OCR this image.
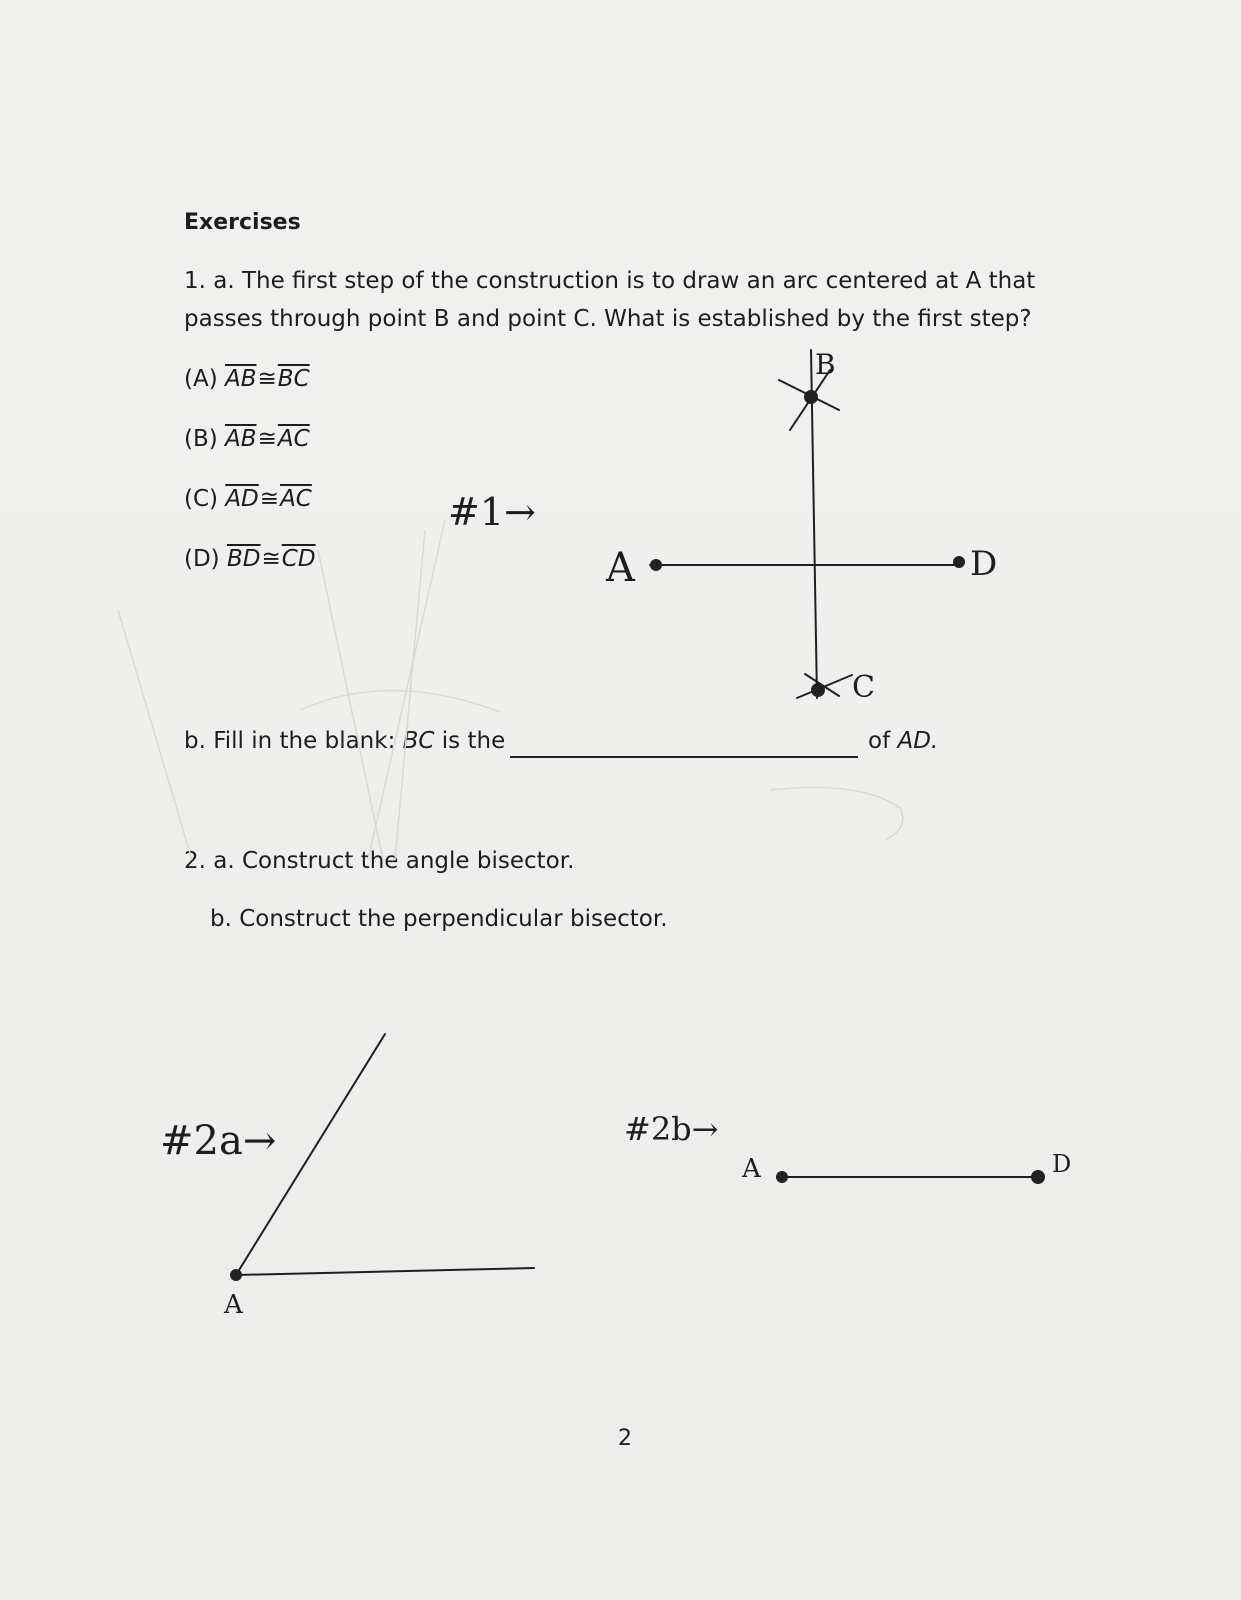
Exercises
1. a. The first step of the construction is to draw an arc centered at A that
passes through point B and point C. What is established by the first step?
(A) $\overline{AB}≅\overline{BC}$
(B) $\overline{AB}≅\overline{AC}$
(C) $\overline{AD}≅\overline{AC}$
(D) $\overline{BD}≅\overline{CD}$
b. Fill in the blank: BC is the	of AD.
2. a. Construct the angle bisector.
b. Construct the perpendicular bisector.
2
#1→
#2a→	#2b→
A
B
C
D
A
A	D
